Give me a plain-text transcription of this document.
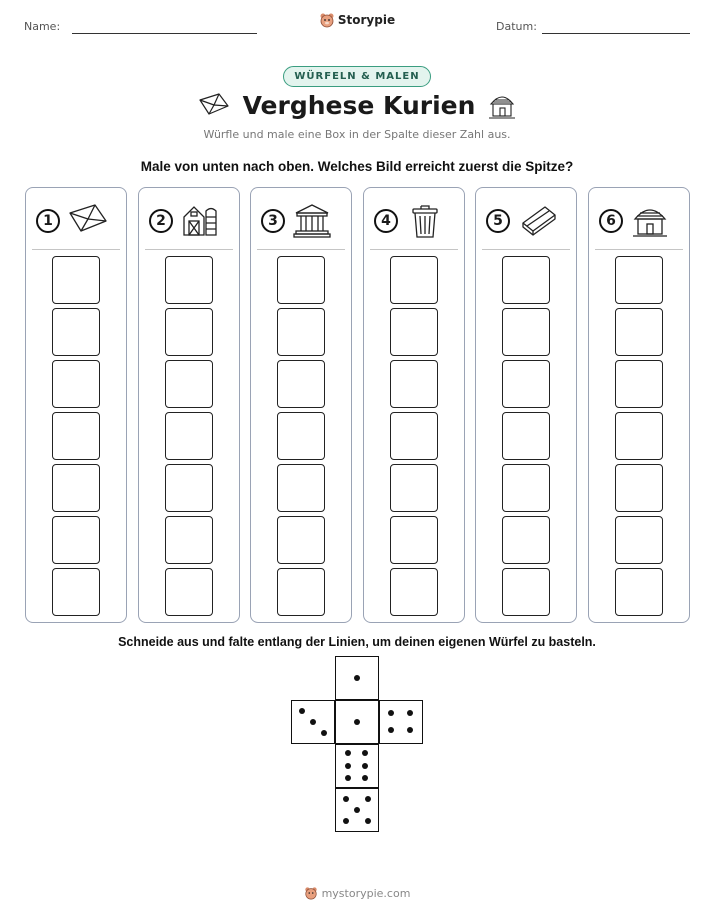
Name:	Datum:
Storypie
WÜRFELN & MALEN
Verghese Kurien
Würfle und male eine Box in der Spalte dieser Zahl aus.
Male von unten nach oben. Welches Bild erreicht zuerst die Spitze?
1	2	3	4	5	6
Schneide aus und falte entlang der Linien, um deinen eigenen Würfel zu basteln.
mystorypie.com
